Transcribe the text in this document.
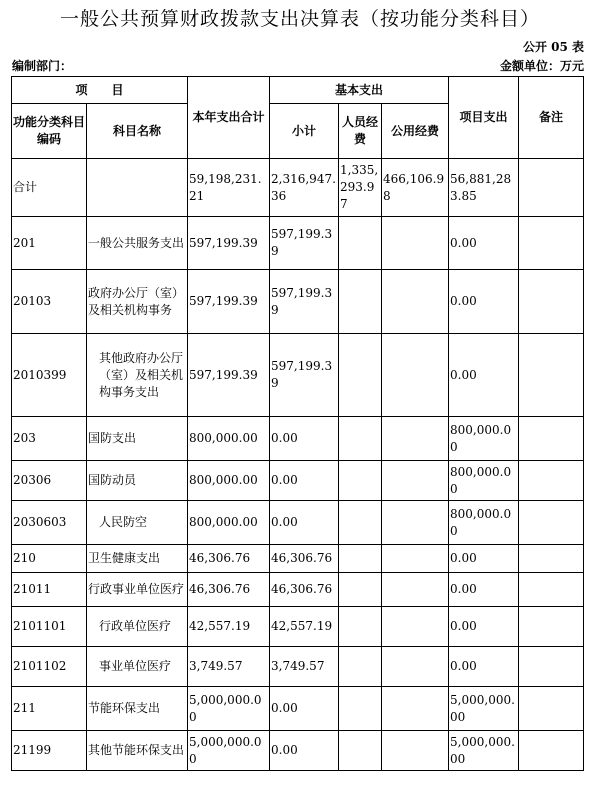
一般公共预算财政拨款支出决算表（按功能分类科目）
公开 05 表
编制部门：	金额单位：万元
项　　目		本年支出合计	基本支出			项目支出	备注
功能分类科目编码	科目名称		小计	人员经费	公用经费		
合计		59,198,231.21	2,316,947.36	1,335,293.97	466,106.98	56,881,283.85	
201	一般公共服务支出	597,199.39	597,199.39			0.00	
20103	政府办公厅（室）及相关机构事务	597,199.39	597,199.39			0.00	
2010399	其他政府办公厅（室）及相关机构事务支出	597,199.39	597,199.39			0.00	
203	国防支出	800,000.00	0.00			800,000.00	
20306	国防动员	800,000.00	0.00			800,000.00	
2030603	人民防空	800,000.00	0.00			800,000.00	
210	卫生健康支出	46,306.76	46,306.76			0.00	
21011	行政事业单位医疗	46,306.76	46,306.76			0.00	
2101101	行政单位医疗	42,557.19	42,557.19			0.00	
2101102	事业单位医疗	3,749.57	3,749.57			0.00	
211	节能环保支出	5,000,000.00	0.00			5,000,000.00	
21199	其他节能环保支出	5,000,000.00	0.00			5,000,000.00	
